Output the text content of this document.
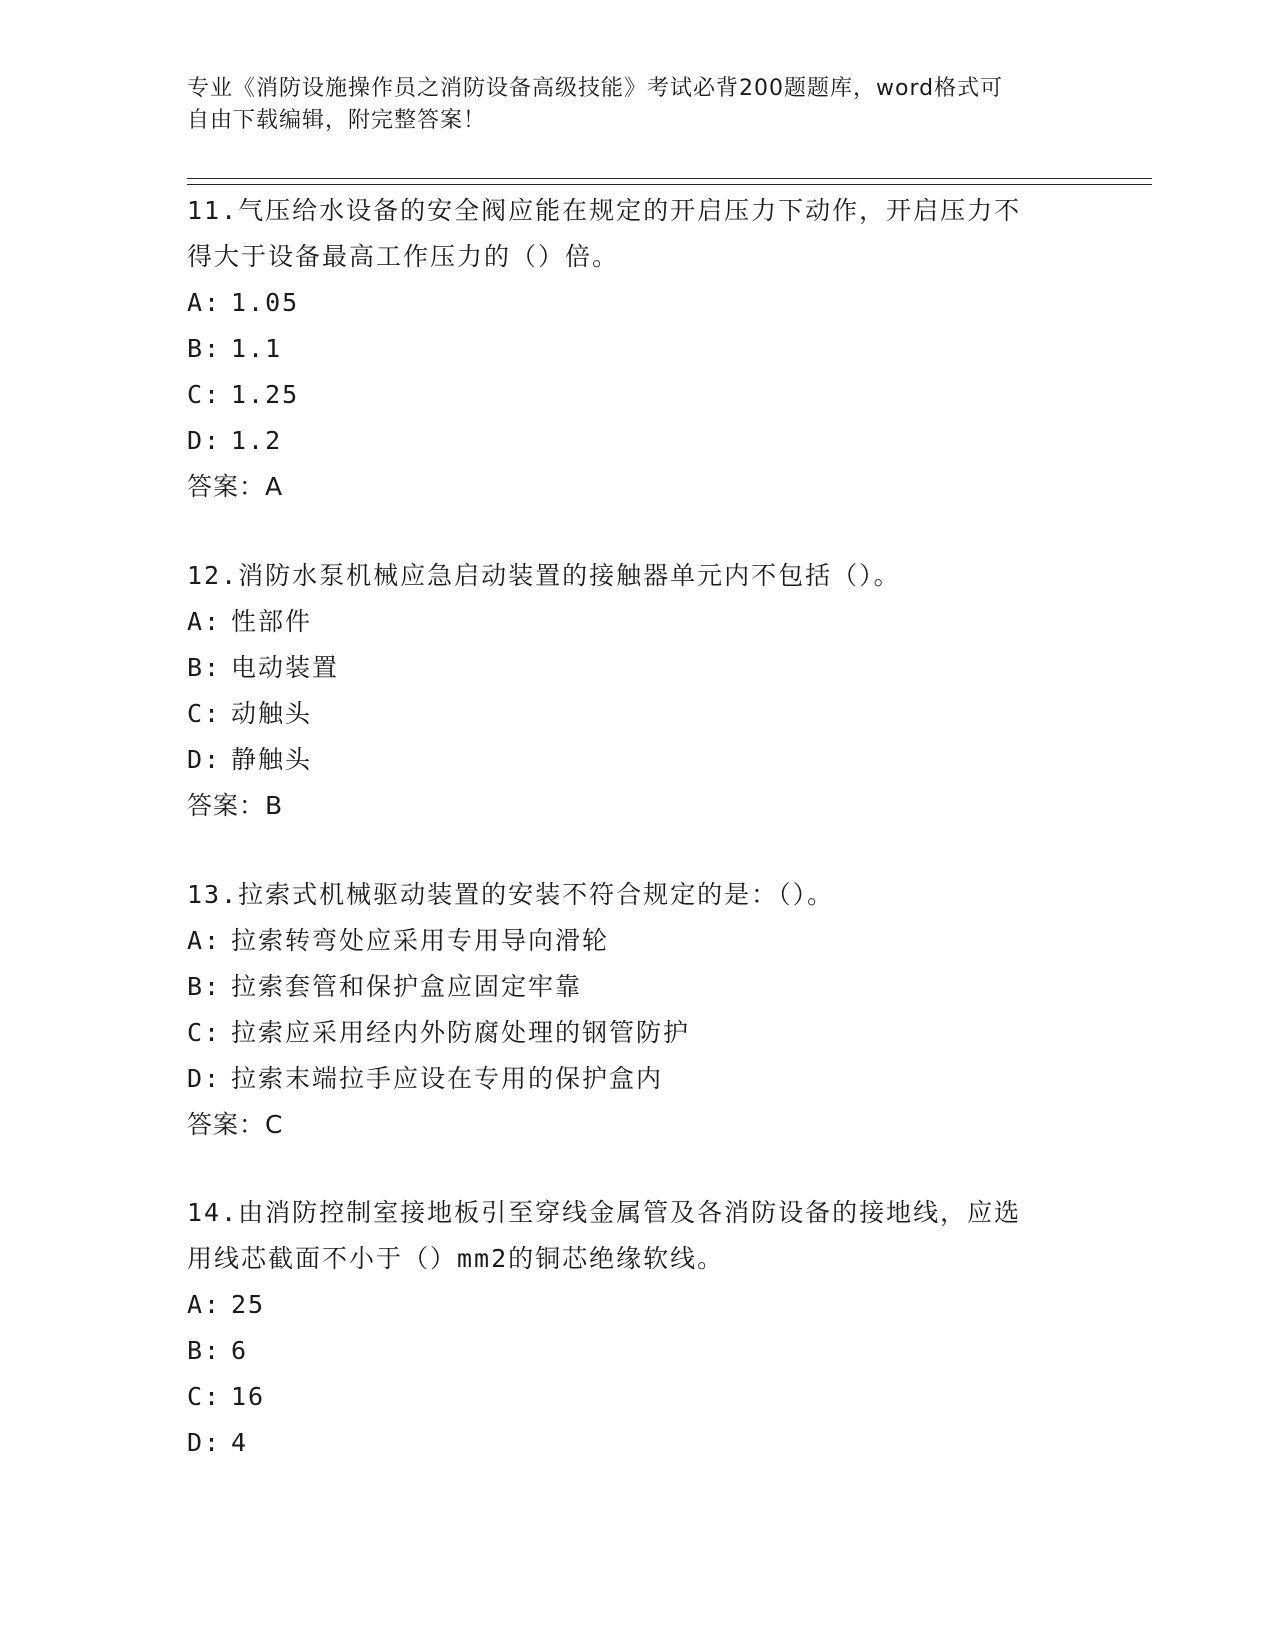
专业《消防设施操作员之消防设备高级技能》考试必背200题题库，word格式可
自由下载编辑，附完整答案！
11.气压给水设备的安全阀应能在规定的开启压力下动作，开启压力不
得大于设备最高工作压力的（）倍。
A: 1.05
B: 1.1
C: 1.25
D: 1.2
答案：A
12.消防水泵机械应急启动装置的接触器单元内不包括（）。
A: 性部件
B: 电动装置
C: 动触头
D: 静触头
答案：B
13.拉索式机械驱动装置的安装不符合规定的是：（）。
A: 拉索转弯处应采用专用导向滑轮
B: 拉索套管和保护盒应固定牢靠
C: 拉索应采用经内外防腐处理的钢管防护
D: 拉索末端拉手应设在专用的保护盒内
答案：C
14.由消防控制室接地板引至穿线金属管及各消防设备的接地线，应选
用线芯截面不小于（）mm2的铜芯绝缘软线。
A: 25
B: 6
C: 16
D: 4
